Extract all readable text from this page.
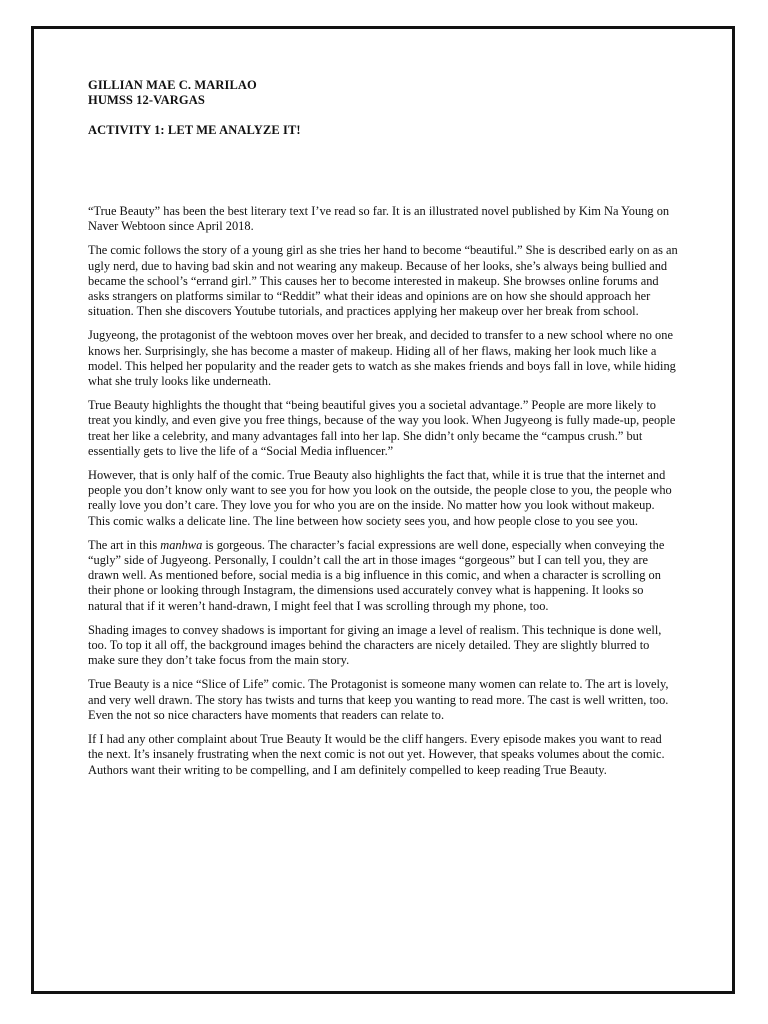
GILLIAN MAE C. MARILAO

HUMSS 12-VARGAS

ACTIVITY 1: LET ME ANALYZE IT!

“True Beauty” has been the best literary text I’ve read so far. It is an illustrated novel published by Kim Na Young on Naver Webtoon since April 2018.

The comic follows the story of a young girl as she tries her hand to become “beautiful.” She is described early on as an ugly nerd, due to having bad skin and not wearing any makeup. Because of her looks, she’s always being bullied and became the school’s “errand girl.” This causes her to become interested in makeup. She browses online forums and asks strangers on platforms similar to “Reddit” what their ideas and opinions are on how she should approach her situation. Then she discovers Youtube tutorials, and practices applying her makeup over her break from school.

Jugyeong, the protagonist of the webtoon moves over her break, and decided to transfer to a new school where no one knows her. Surprisingly, she has become a master of makeup. Hiding all of her flaws, making her look much like a model. This helped her popularity and the reader gets to watch as she makes friends and boys fall in love, while hiding what she truly looks like underneath.

True Beauty highlights the thought that “being beautiful gives you a societal advantage.” People are more likely to treat you kindly, and even give you free things, because of the way you look. When Jugyeong is fully made-up, people treat her like a celebrity, and many advantages fall into her lap. She didn’t only became the “campus crush.” but essentially gets to live the life of a “Social Media influencer.”

However, that is only half of the comic. True Beauty also highlights the fact that, while it is true that the internet and people you don’t know only want to see you for how you look on the outside, the people close to you, the people who really love you don’t care. They love you for who you are on the inside. No matter how you look without makeup. This comic walks a delicate line. The line between how society sees you, and how people close to you see you.

The art in this manhwa is gorgeous. The character’s facial expressions are well done, especially when conveying the “ugly” side of Jugyeong. Personally, I couldn’t call the art in those images “gorgeous” but I can tell you, they are drawn well. As mentioned before, social media is a big influence in this comic, and when a character is scrolling on their phone or looking through Instagram, the dimensions used accurately convey what is happening. It looks so natural that if it weren’t hand-drawn, I might feel that I was scrolling through my phone, too.

Shading images to convey shadows is important for giving an image a level of realism. This technique is done well, too. To top it all off, the background images behind the characters are nicely detailed. They are slightly blurred to make sure they don’t take focus from the main story.

True Beauty is a nice “Slice of Life” comic. The Protagonist is someone many women can relate to. The art is lovely, and very well drawn. The story has twists and turns that keep you wanting to read more. The cast is well written, too. Even the not so nice characters have moments that readers can relate to.

If I had any other complaint about True Beauty It would be the cliff hangers. Every episode makes you want to read the next. It’s insanely frustrating when the next comic is not out yet. However, that speaks volumes about the comic. Authors want their writing to be compelling, and I am definitely compelled to keep reading True Beauty.
